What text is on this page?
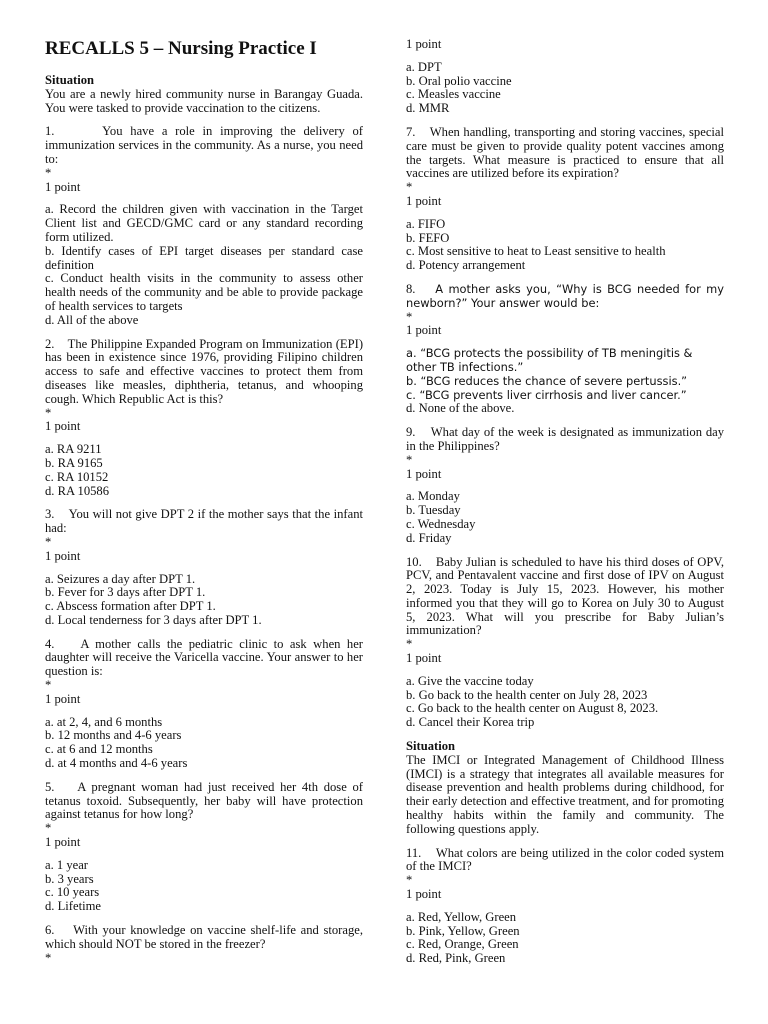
RECALLS 5 – Nursing Practice I

Situation

You are a newly hired community nurse in Barangay Guada. You were tasked to provide vaccination to the citizens.

1.	You have a role in improving the delivery of immunization services in the community. As a nurse, you need to:

*

1 point

a. Record the children given with vaccination in the Target Client list and GECD/GMC card or any standard recording form utilized.

b. Identify cases of EPI target diseases per standard case definition

c. Conduct health visits in the community to assess other health needs of the community and be able to provide package of health services to targets

d. All of the above

2. The Philippine Expanded Program on Immunization (EPI) has been in existence since 1976, providing Filipino children access to safe and effective vaccines to protect them from diseases like measles, diphtheria, tetanus, and whooping cough. Which Republic Act is this?

*

1 point

a. RA 9211

b. RA 9165

c. RA 10152

d. RA 10586

3. You will not give DPT 2 if the mother says that the infant had:

*

1 point

a. Seizures a day after DPT 1.

b. Fever for 3 days after DPT 1.

c. Abscess formation after DPT 1.

d. Local tenderness for 3 days after DPT 1.

4. A mother calls the pediatric clinic to ask when her daughter will receive the Varicella vaccine. Your answer to her question is:

*

1 point

a. at 2, 4, and 6 months

b. 12 months and 4-6 years

c. at 6 and 12 months

d. at 4 months and 4-6 years

5. A pregnant woman had just received her 4th dose of tetanus toxoid. Subsequently, her baby will have protection against tetanus for how long?

*

1 point

a. 1 year

b. 3 years

c. 10 years

d. Lifetime

6. With your knowledge on vaccine shelf-life and storage, which should NOT be stored in the freezer?

*

1 point

a. DPT

b. Oral polio vaccine

c. Measles vaccine

d. MMR

7. When handling, transporting and storing vaccines, special care must be given to provide quality potent vaccines among the targets. What measure is practiced to ensure that all vaccines are utilized before its expiration?

*

1 point

a. FIFO

b. FEFO

c. Most sensitive to heat to Least sensitive to health

d. Potency arrangement

8. A mother asks you, “Why is BCG needed for my newborn?” Your answer would be:

*

1 point

a. “BCG protects the possibility of TB meningitis & other TB infections.”

b. “BCG reduces the chance of severe pertussis.”

c. “BCG prevents liver cirrhosis and liver cancer.”

d. None of the above.

9. What day of the week is designated as immunization day in the Philippines?

*

1 point

a. Monday

b. Tuesday

c. Wednesday

d. Friday

10. Baby Julian is scheduled to have his third doses of OPV, PCV, and Pentavalent vaccine and first dose of IPV on August 2, 2023. Today is July 15, 2023. However, his mother informed you that they will go to Korea on July 30 to August 5, 2023. What will you prescribe for Baby Julian’s immunization?

*

1 point

a. Give the vaccine today

b. Go back to the health center on July 28, 2023

c. Go back to the health center on August 8, 2023.

d. Cancel their Korea trip

Situation

The IMCI or Integrated Management of Childhood Illness (IMCI) is a strategy that integrates all available measures for disease prevention and health problems during childhood, for their early detection and effective treatment, and for promoting healthy habits within the family and community. The following questions apply.

11. What colors are being utilized in the color coded system of the IMCI?

*

1 point

a. Red, Yellow, Green

b. Pink, Yellow, Green

c. Red, Orange, Green

d. Red, Pink, Green
